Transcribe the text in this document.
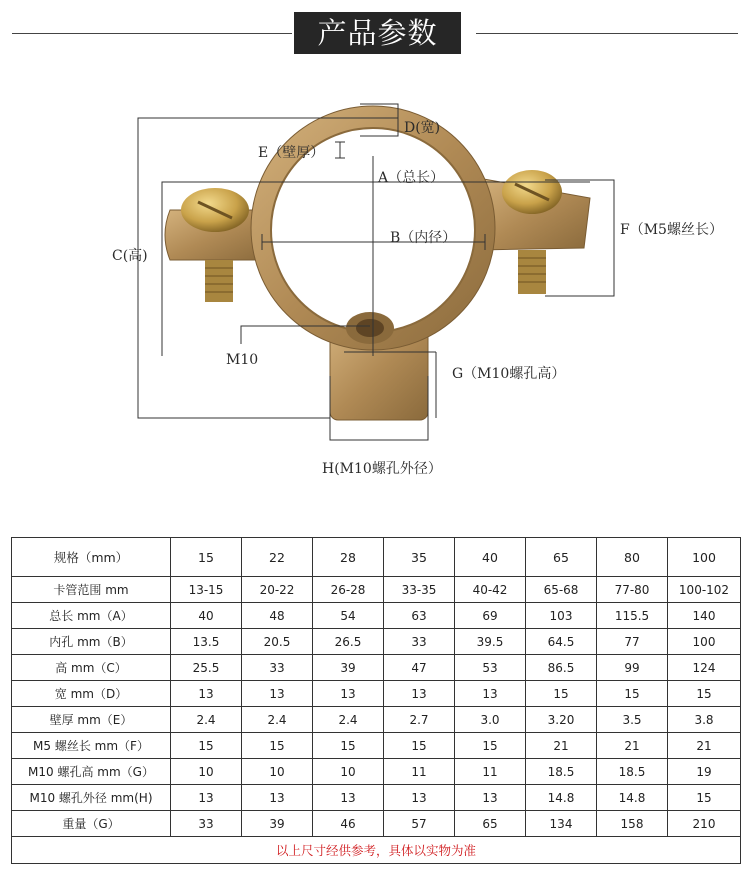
产品参数
D(宽)
E（壁厚）
A（总长）
B（内径）
C(高)
F（M5螺丝长）
M10
G（M10螺孔高）
H(M10螺孔外径）
规格（mm）	15	22	28	35	40	65	80	100
卡管范围 mm	13-15	20-22	26-28	33-35	40-42	65-68	77-80	100-102
总长 mm（A）	40	48	54	63	69	103	115.5	140
内孔 mm（B）	13.5	20.5	26.5	33	39.5	64.5	77	100
高 mm（C）	25.5	33	39	47	53	86.5	99	124
宽 mm（D）	13	13	13	13	13	15	15	15
壁厚 mm（E）	2.4	2.4	2.4	2.7	3.0	3.20	3.5	3.8
M5 螺丝长 mm（F）	15	15	15	15	15	21	21	21
M10 螺孔高 mm（G）	10	10	10	11	11	18.5	18.5	19
M10 螺孔外径 mm(H)	13	13	13	13	13	14.8	14.8	15
重量（G）	33	39	46	57	65	134	158	210
以上尺寸经供参考，具体以实物为准								
